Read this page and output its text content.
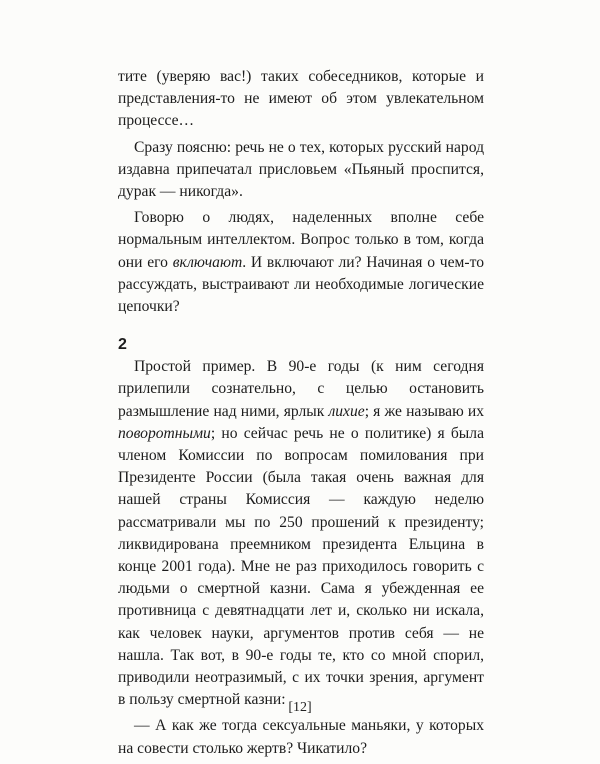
тите (уверяю вас!) таких собеседников, которые и представления-то не имеют об этом увлекательном процессе…

Сразу поясню: речь не о тех, которых русский народ издавна припечатал присловьем «Пьяный проспится, дурак — никогда».

Говорю о людях, наделенных вполне себе нормальным интеллектом. Вопрос только в том, когда они его включают. И включают ли? Начиная о чем-то рассуждать, выстраивают ли необходимые логические цепочки?

2

Простой пример. В 90-е годы (к ним сегодня прилепили сознательно, с целью остановить размышление над ними, ярлык лихие; я же называю их поворотными; но сейчас речь не о политике) я была членом Комиссии по вопросам помилования при Президенте России (была такая очень важная для нашей страны Комиссия — каждую неделю рассматривали мы по 250 прошений к президенту; ликвидирована преемником президента Ельцина в конце 2001 года). Мне не раз приходилось говорить с людьми о смертной казни. Сама я убежденная ее противница с девятнадцати лет и, сколько ни искала, как человек науки, аргументов против себя — не нашла. Так вот, в 90-е годы те, кто со мной спорил, приводили неотразимый, с их точки зрения, аргумент в пользу смертной казни:

— А как же тогда сексуальные маньяки, у которых на совести столько жертв? Чикатило?

[12]
